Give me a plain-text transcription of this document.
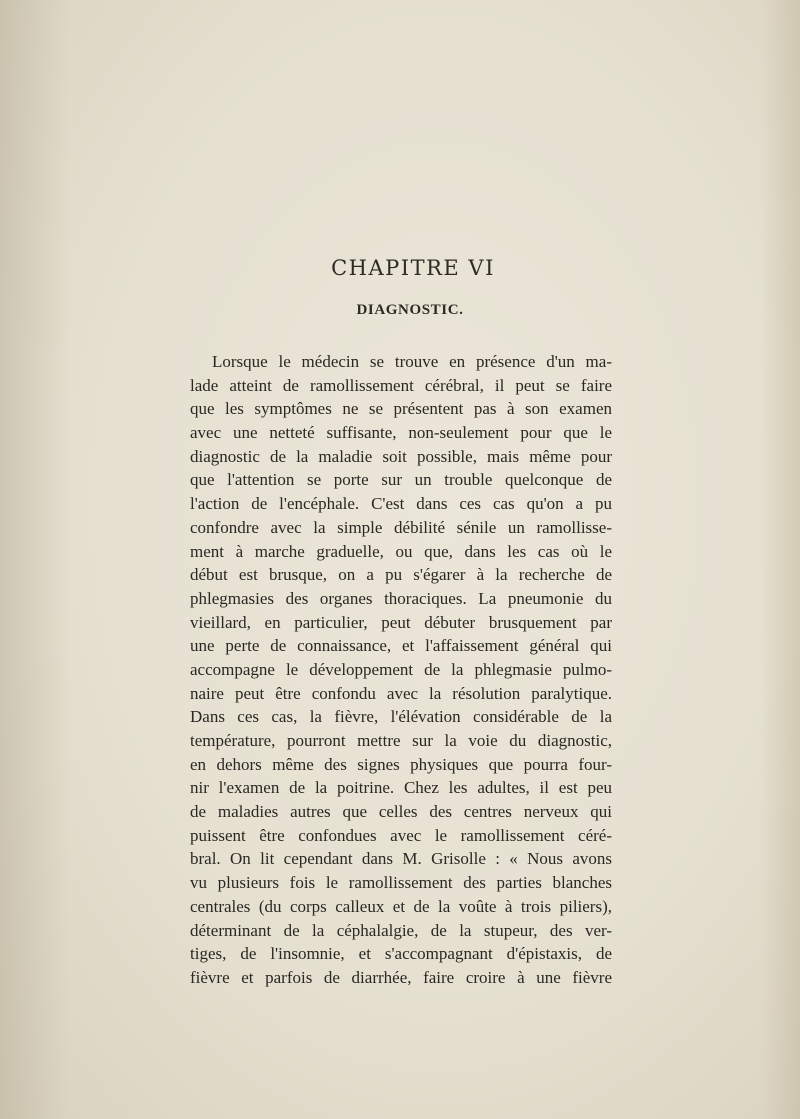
CHAPITRE VI
DIAGNOSTIC.
Lorsque le médecin se trouve en présence d'un ma-
lade atteint de ramollissement cérébral, il peut se faire
que les symptômes ne se présentent pas à son examen
avec une netteté suffisante, non-seulement pour que le
diagnostic de la maladie soit possible, mais même pour
que l'attention se porte sur un trouble quelconque de
l'action de l'encéphale. C'est dans ces cas qu'on a pu
confondre avec la simple débilité sénile un ramollisse-
ment à marche graduelle, ou que, dans les cas où le
début est brusque, on a pu s'égarer à la recherche de
phlegmasies des organes thoraciques. La pneumonie du
vieillard, en particulier, peut débuter brusquement par
une perte de connaissance, et l'affaissement général qui
accompagne le développement de la phlegmasie pulmo-
naire peut être confondu avec la résolution paralytique.
Dans ces cas, la fièvre, l'élévation considérable de la
température, pourront mettre sur la voie du diagnostic,
en dehors même des signes physiques que pourra four-
nir l'examen de la poitrine. Chez les adultes, il est peu
de maladies autres que celles des centres nerveux qui
puissent être confondues avec le ramollissement céré-
bral. On lit cependant dans M. Grisolle : « Nous avons
vu plusieurs fois le ramollissement des parties blanches
centrales (du corps calleux et de la voûte à trois piliers),
déterminant de la céphalalgie, de la stupeur, des ver-
tiges, de l'insomnie, et s'accompagnant d'épistaxis, de
fièvre et parfois de diarrhée, faire croire à une fièvre
